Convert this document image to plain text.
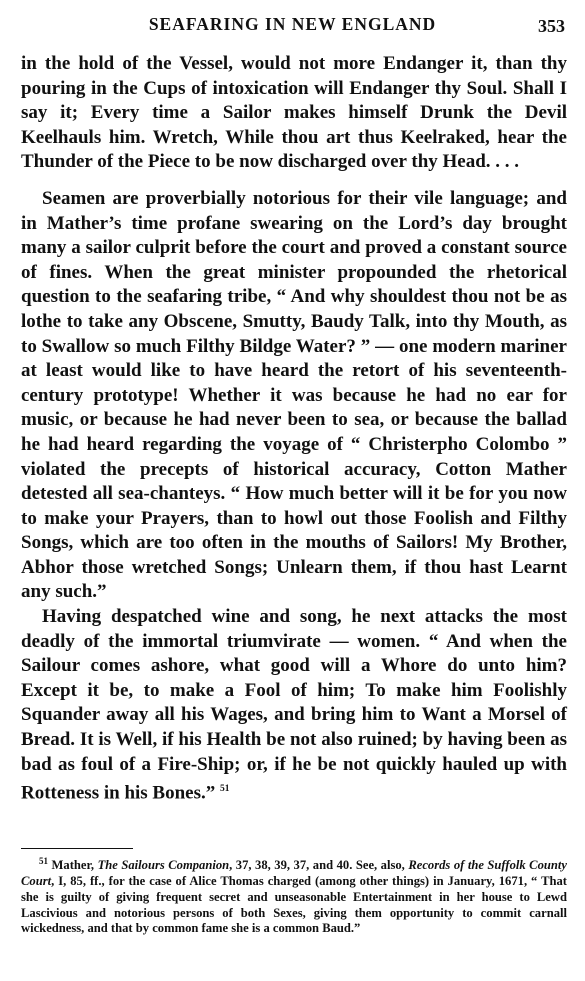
SEAFARING IN NEW ENGLAND	353

in the hold of the Vessel, would not more Endanger it, than thy pouring in the Cups of intoxication will Endanger thy Soul. Shall I say it; Every time a Sailor makes himself Drunk the Devil Keelhauls him. Wretch, While thou art thus Keelraked, hear the Thunder of the Piece to be now discharged over thy Head. . . .

Seamen are proverbially notorious for their vile language; and in Mather’s time profane swearing on the Lord’s day brought many a sailor culprit before the court and proved a constant source of fines. When the great minister propounded the rhetorical question to the seafaring tribe, “ And why shouldest thou not be as lothe to take any Obscene, Smutty, Baudy Talk, into thy Mouth, as to Swallow so much Filthy Bildge Water? ” — one modern mariner at least would like to have heard the retort of his seventeenth-century prototype! Whether it was because he had no ear for music, or because he had never been to sea, or because the ballad he had heard regarding the voyage of “ Christerpho Colombo ” violated the precepts of historical accuracy, Cotton Mather detested all sea-chanteys. “ How much better will it be for you now to make your Prayers, than to howl out those Foolish and Filthy Songs, which are too often in the mouths of Sailors! My Brother, Abhor those wretched Songs; Unlearn them, if thou hast Learnt any such.”

Having despatched wine and song, he next attacks the most deadly of the immortal triumvirate — women. “ And when the Sailour comes ashore, what good will a Whore do unto him? Except it be, to make a Fool of him; To make him Foolishly Squander away all his Wages, and bring him to Want a Morsel of Bread. It is Well, if his Health be not also ruined; by having been as bad as foul of a Fire-Ship; or, if he be not quickly hauled up with Rotteness in his Bones.” $^{51}$

$^{51}$ Mather, The Sailours Companion, 37, 38, 39, 37, and 40. See, also, Records of the Suffolk County Court, I, 85, ff., for the case of Alice Thomas charged (among other things) in January, 1671, “ That she is guilty of giving frequent secret and unseasonable Entertainment in her house to Lewd Lascivious and notorious persons of both Sexes, giving them opportunity to commit carnall wickedness, and that by common fame she is a common Baud.”
